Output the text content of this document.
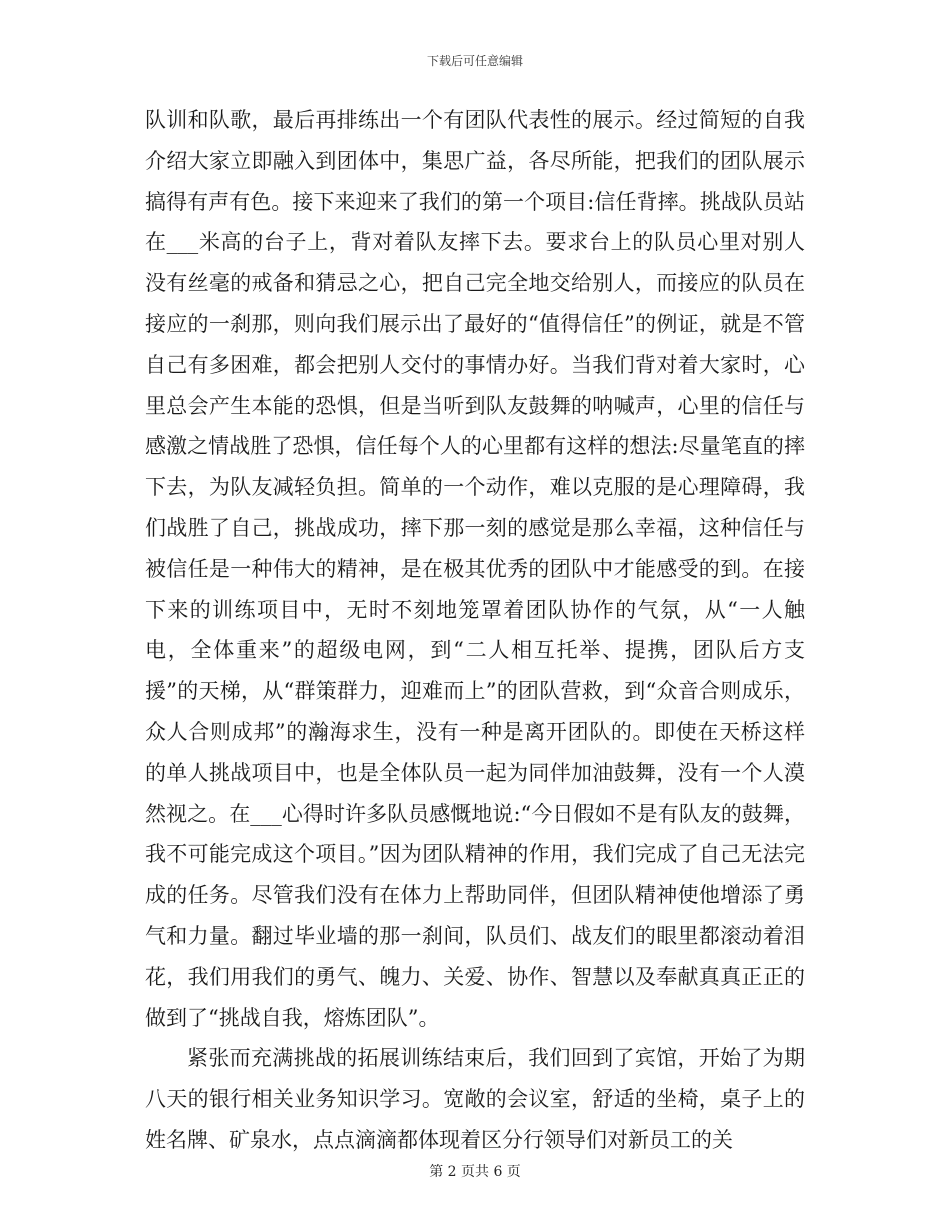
下载后可任意编辑

队训和队歌，最后再排练出一个有团队代表性的展示。经过简短的自我介绍大家立即融入到团体中，集思广益，各尽所能，把我们的团队展示搞得有声有色。接下来迎来了我们的第一个项目:信任背摔。挑战队员站在___米高的台子上，背对着队友摔下去。要求台上的队员心里对别人没有丝毫的戒备和猜忌之心，把自己完全地交给别人，而接应的队员在接应的一刹那，则向我们展示出了最好的“值得信任”的例证，就是不管自己有多困难，都会把别人交付的事情办好。当我们背对着大家时，心里总会产生本能的恐惧，但是当听到队友鼓舞的呐喊声，心里的信任与感激之情战胜了恐惧，信任每个人的心里都有这样的想法:尽量笔直的摔下去，为队友减轻负担。简单的一个动作，难以克服的是心理障碍，我们战胜了自己，挑战成功，摔下那一刻的感觉是那么幸福，这种信任与被信任是一种伟大的精神，是在极其优秀的团队中才能感受的到。在接下来的训练项目中，无时不刻地笼罩着团队协作的气氛，从“一人触电，全体重来”的超级电网，到“二人相互托举、提携，团队后方支援”的天梯，从“群策群力，迎难而上”的团队营救，到“众音合则成乐，众人合则成邦”的瀚海求生，没有一种是离开团队的。即使在天桥这样的单人挑战项目中，也是全体队员一起为同伴加油鼓舞，没有一个人漠然视之。在___心得时许多队员感慨地说:“今日假如不是有队友的鼓舞，我不可能完成这个项目。”因为团队精神的作用，我们完成了自己无法完成的任务。尽管我们没有在体力上帮助同伴，但团队精神使他增添了勇气和力量。翻过毕业墙的那一刹间，队员们、战友们的眼里都滚动着泪花，我们用我们的勇气、魄力、关爱、协作、智慧以及奉献真真正正的做到了“挑战自我，熔炼团队”。

紧张而充满挑战的拓展训练结束后，我们回到了宾馆，开始了为期八天的银行相关业务知识学习。宽敞的会议室，舒适的坐椅，桌子上的姓名牌、矿泉水，点点滴滴都体现着区分行领导们对新员工的关

第 2 页共 6 页
